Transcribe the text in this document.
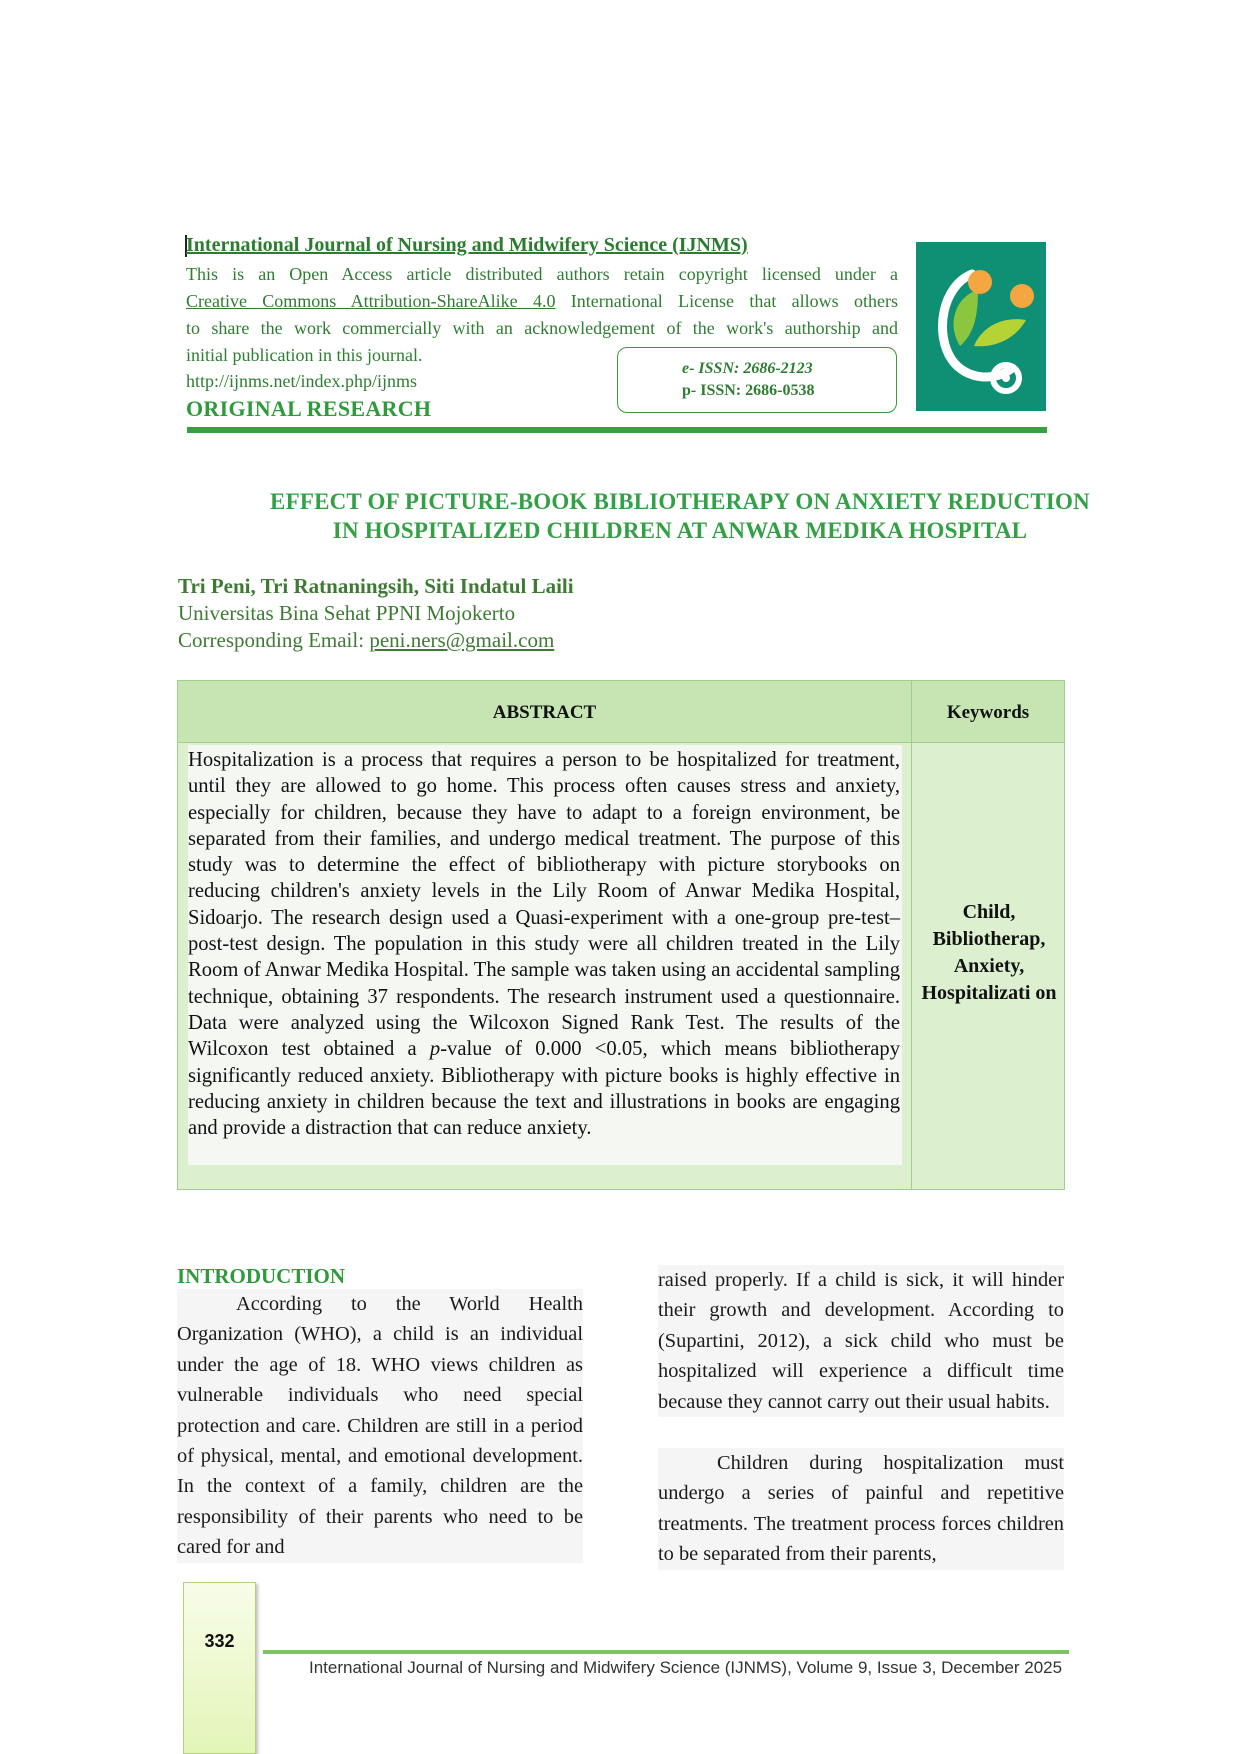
International Journal of Nursing and Midwifery Science (IJNMS)
This is an Open Access article distributed authors retain copyright licensed under a
Creative Commons Attribution-ShareAlike 4.0 International License that allows others
to share the work commercially with an acknowledgement of the work's authorship and
initial publication in this journal.
http://ijnms.net/index.php/ijnms
ORIGINAL RESEARCH
e- ISSN: 2686-2123
p- ISSN: 2686-0538
EFFECT OF PICTURE-BOOK BIBLIOTHERAPY ON ANXIETY REDUCTION
IN HOSPITALIZED CHILDREN AT ANWAR MEDIKA HOSPITAL
Tri Peni, Tri Ratnaningsih, Siti Indatul Laili
Universitas Bina Sehat PPNI Mojokerto
Corresponding Email: peni.ners@gmail.com
ABSTRACT	Keywords
Hospitalization is a process that requires a person to be hospitalized for treatment, until they are allowed to go home. This process often causes stress and anxiety, especially for children, because they have to adapt to a foreign environment, be separated from their families, and undergo medical treatment. The purpose of this study was to determine the effect of bibliotherapy with picture storybooks on reducing children's anxiety levels in the Lily Room of Anwar Medika Hospital, Sidoarjo. The research design used a Quasi-experiment with a one-group pre-test–post-test design. The population in this study were all children treated in the Lily Room of Anwar Medika Hospital. The sample was taken using an accidental sampling technique, obtaining 37 respondents. The research instrument used a questionnaire. Data were analyzed using the Wilcoxon Signed Rank Test. The results of the Wilcoxon test obtained a p-value of 0.000 <0.05, which means bibliotherapy significantly reduced anxiety. Bibliotherapy with picture books is highly effective in reducing anxiety in children because the text and illustrations in books are engaging and provide a distraction that can reduce anxiety.
Child, Bibliotherap, Anxiety, Hospitalizati on
INTRODUCTION
According to the World Health Organization (WHO), a child is an individual under the age of 18. WHO views children as vulnerable individuals who need special protection and care. Children are still in a period of physical, mental, and emotional development. In the context of a family, children are the responsibility of their parents who need to be cared for and
raised properly. If a child is sick, it will hinder their growth and development. According to (Supartini, 2012), a sick child who must be hospitalized will experience a difficult time because they cannot carry out their usual habits.
Children during hospitalization must undergo a series of painful and repetitive treatments. The treatment process forces children to be separated from their parents,
332
International Journal of Nursing and Midwifery Science (IJNMS), Volume 9, Issue 3, December 2025
